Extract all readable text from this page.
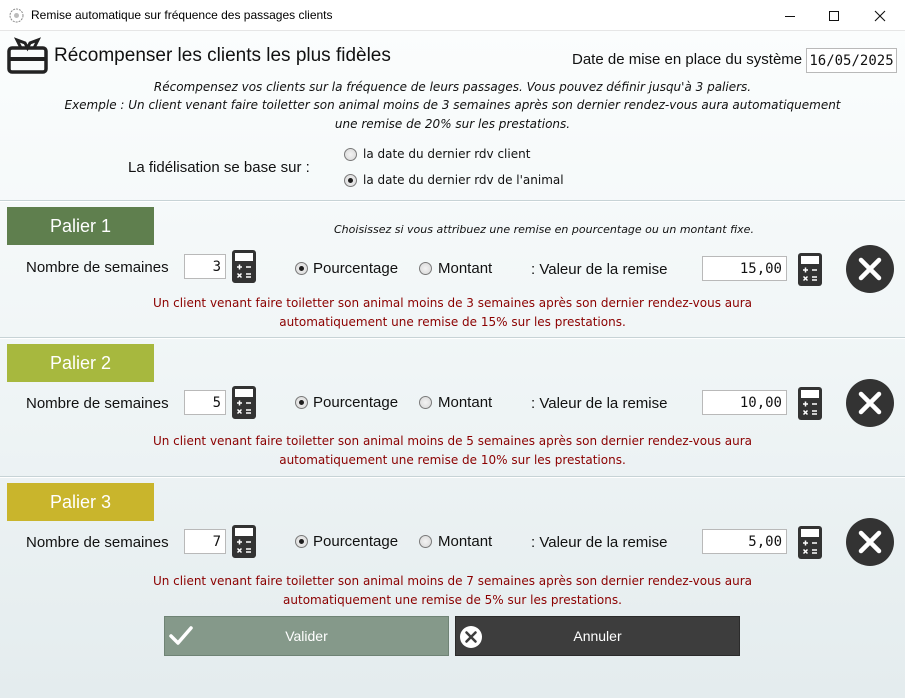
Remise automatique sur fréquence des passages clients
Récompenser les clients les plus fidèles	Date de mise en place du système 16/05/2025
Récompensez vos clients sur la fréquence de leurs passages. Vous pouvez définir jusqu'à 3 paliers.
Exemple : Un client venant faire toiletter son animal moins de 3 semaines après son dernier rendez-vous aura automatiquement
une remise de 20% sur les prestations.
La fidélisation se base sur :
la date du dernier rdv client
la date du dernier rdv de l'animal
Palier 1	Choisissez si vous attribuez une remise en pourcentage ou un montant fixe.
Nombre de semaines	3	Pourcentage	Montant	: Valeur de la remise	15,00
Un client venant faire toiletter son animal moins de 3 semaines après son dernier rendez-vous aura
automatiquement une remise de 15% sur les prestations.
Palier 2
Nombre de semaines	5	Pourcentage	Montant	: Valeur de la remise	10,00
Un client venant faire toiletter son animal moins de 5 semaines après son dernier rendez-vous aura
automatiquement une remise de 10% sur les prestations.
Palier 3
Nombre de semaines	7	Pourcentage	Montant	: Valeur de la remise	5,00
Un client venant faire toiletter son animal moins de 7 semaines après son dernier rendez-vous aura
automatiquement une remise de 5% sur les prestations.
Valider	Annuler
